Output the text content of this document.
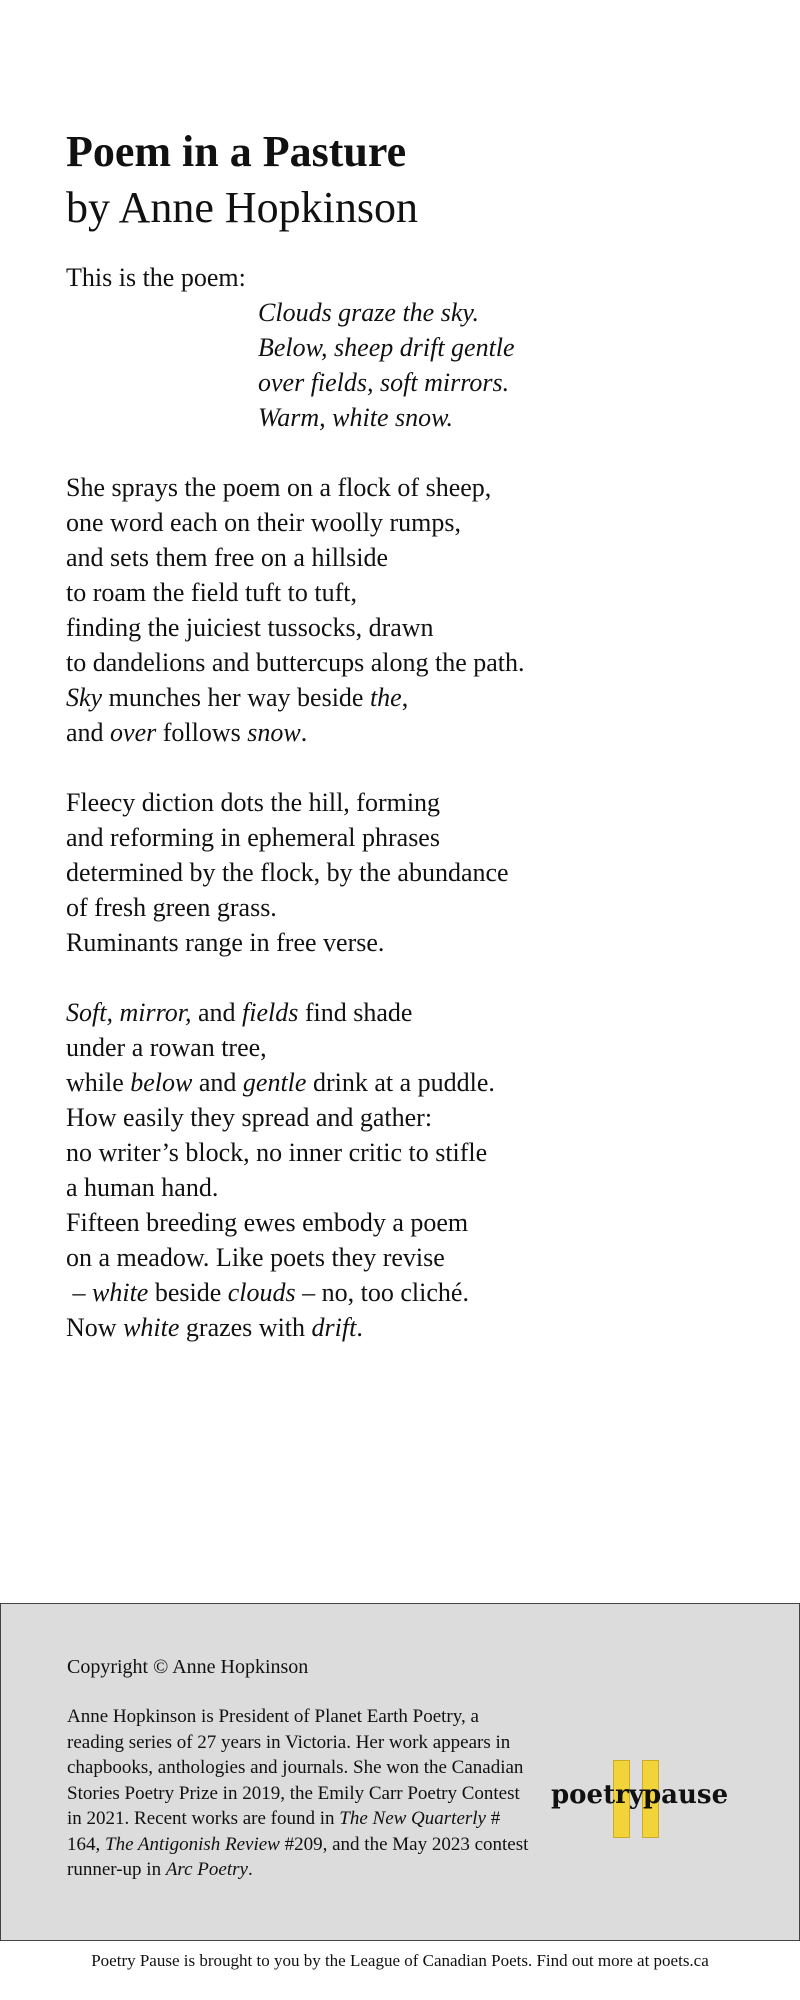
Poem in a Pasture
by Anne Hopkinson
This is the poem:
Clouds graze the sky.
Below, sheep drift gentle
over fields, soft mirrors.
Warm, white snow.
She sprays the poem on a flock of sheep,
one word each on their woolly rumps,
and sets them free on a hillside
to roam the field tuft to tuft,
finding the juiciest tussocks, drawn
to dandelions and buttercups along the path.
Sky munches her way beside the,
and over follows snow.
Fleecy diction dots the hill, forming
and reforming in ephemeral phrases
determined by the flock, by the abundance
of fresh green grass.
Ruminants range in free verse.
Soft, mirror, and fields find shade
under a rowan tree,
while below and gentle drink at a puddle.
How easily they spread and gather:
no writer’s block, no inner critic to stifle
a human hand.
Fifteen breeding ewes embody a poem
on a meadow. Like poets they revise
– white beside clouds – no, too cliché.
Now white grazes with drift.
Copyright © Anne Hopkinson
Anne Hopkinson is President of Planet Earth Poetry, a reading series of 27 years in Victoria. Her work appears in chapbooks, anthologies and journals. She won the Canadian Stories Poetry Prize in 2019, the Emily Carr Poetry Contest in 2021. Recent works are found in The New Quarterly # 164, The Antigonish Review #209, and the May 2023 contest runner-up in Arc Poetry.
poetry pause
Poetry Pause is brought to you by the League of Canadian Poets. Find out more at poets.ca
